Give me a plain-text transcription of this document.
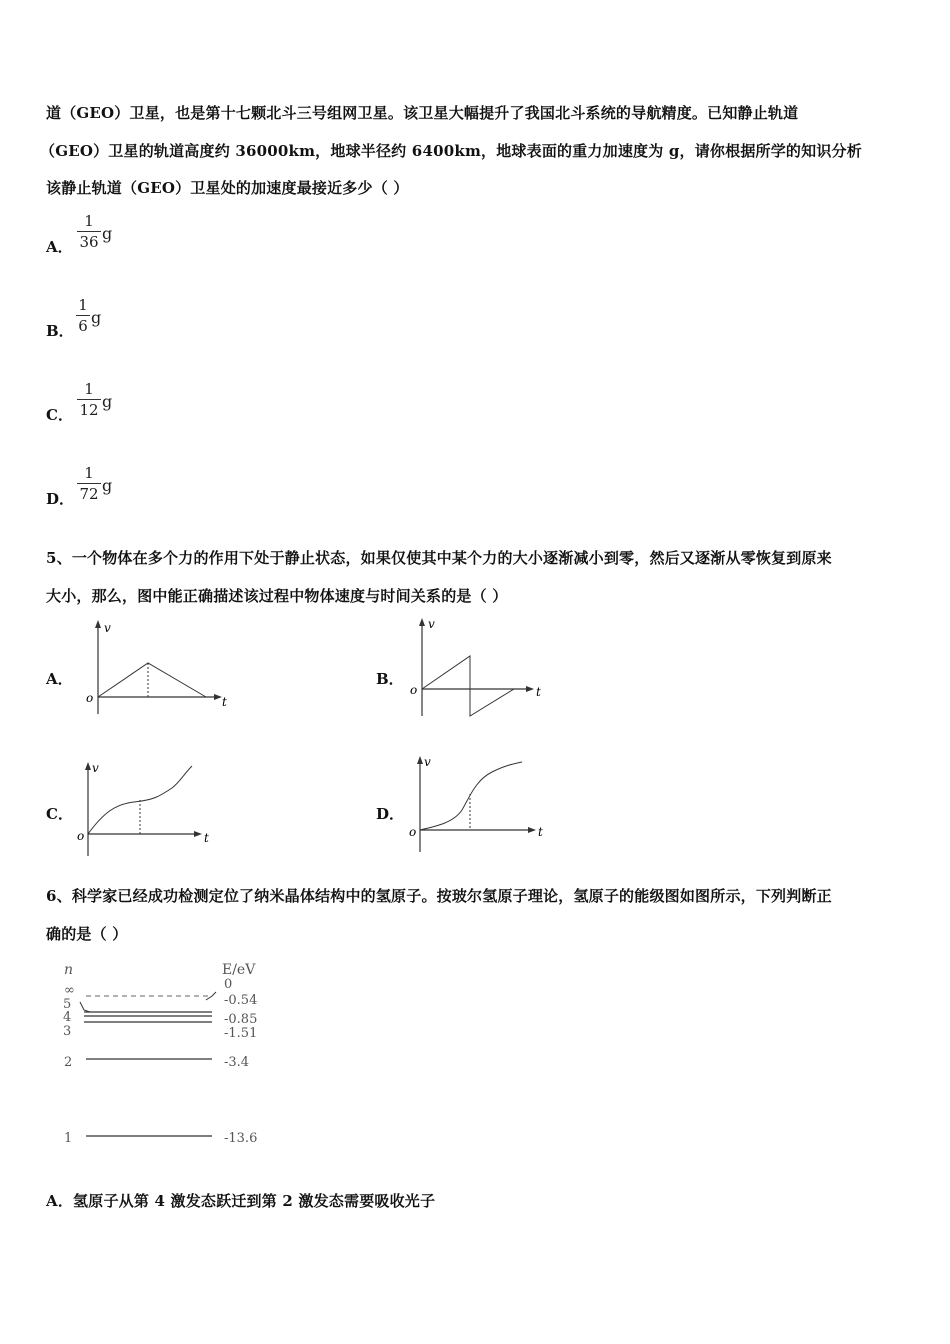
道（GEO）卫星，也是第十七颗北斗三号组网卫星。该卫星大幅提升了我国北斗系统的导航精度。已知静止轨道
（GEO）卫星的轨道高度约 36000km，地球半径约 6400km，地球表面的重力加速度为 g，请你根据所学的知识分析
该静止轨道（GEO）卫星处的加速度最接近多少（ ）
A．
1
36 g
B．
1
6 g
C．
1
12 g
D．
1
72 g
5、一个物体在多个力的作用下处于静止状态，如果仅使其中某个力的大小逐渐减小到零，然后又逐渐从零恢复到原来
大小，那么，图中能正确描述该过程中物体速度与时间关系的是（ ）
A．
v
t
o
B．
v
t
o
C．
v
t
o
D．
v
t
o
6、科学家已经成功检测定位了纳米晶体结构中的氢原子。按玻尔氢原子理论，氢原子的能级图如图所示，下列判断正
确的是（ ）
n	E/eV
∞	0
5	-0.54
4	-0.85
3	-1.51
2	-3.4
1	-13.6
A．氢原子从第 4 激发态跃迁到第 2 激发态需要吸收光子
